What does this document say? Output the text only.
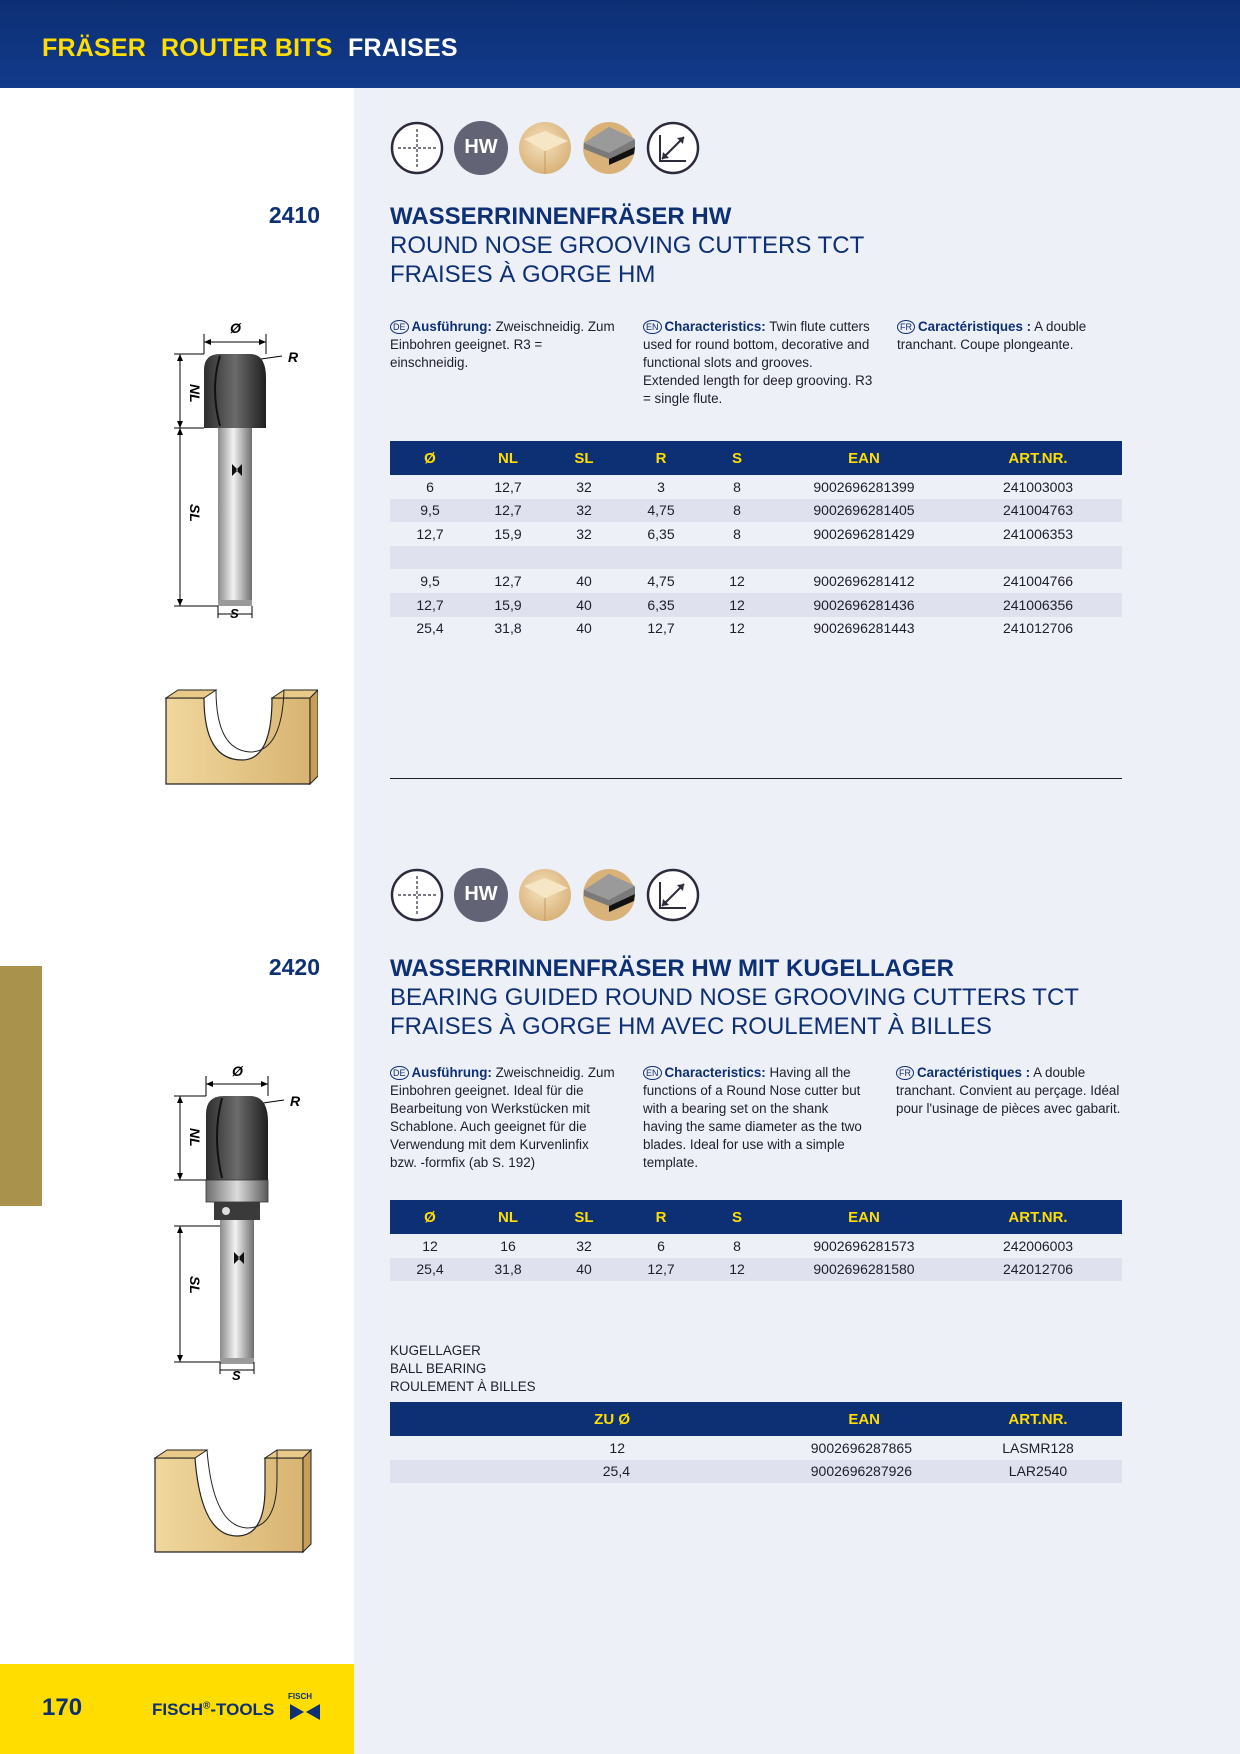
FRÄSER ROUTER BITS FRAISES
HW
2410	WASSERRINNENFRÄSER HW
ROUND NOSE GROOVING CUTTERS TCT
FRAISES À GORGE HM
DE Ausführung: Zweischneidig. Zum Einbohren geeignet. R3 = einschneidig.
EN Characteristics: Twin flute cutters used for round bottom, decorative and functional slots and grooves. Extended length for deep grooving. R3 = single flute.
FR Caractéristiques : A double tranchant. Coupe plongeante.
Ø	NL	SL	R	S	EAN	ART.NR.
6	12,7	32	3	8	9002696281399	241003003
9,5	12,7	32	4,75	8	9002696281405	241004763
12,7	15,9	32	6,35	8	9002696281429	241006353

9,5	12,7	40	4,75	12	9002696281412	241004766
12,7	15,9	40	6,35	12	9002696281436	241006356
25,4	31,8	40	12,7	12	9002696281443	241012706
Ø
R
NL
SL
S
HW
2420	WASSERRINNENFRÄSER HW MIT KUGELLAGER
BEARING GUIDED ROUND NOSE GROOVING CUTTERS TCT
FRAISES À GORGE HM AVEC ROULEMENT À BILLES
DE Ausführung: Zweischneidig. Zum Einbohren geeignet. Ideal für die Bearbeitung von Werkstücken mit Schablone. Auch geeignet für die Verwendung mit dem Kurvenlinfix bzw. -formfix (ab S. 192)
EN Characteristics: Having all the functions of a Round Nose cutter but with a bearing set on the shank having the same diameter as the two blades. Ideal for use with a simple template.
FR Caractéristiques : A double tranchant. Convient au perçage. Idéal pour l'usinage de pièces avec gabarit.
Ø	NL	SL	R	S	EAN	ART.NR.
12	16	32	6	8	9002696281573	242006003
25,4	31,8	40	12,7	12	9002696281580	242012706
KUGELLAGER
BALL BEARING
ROULEMENT À BILLES
ZU Ø	EAN	ART.NR.
12	9002696287865	LASMR128
25,4	9002696287926	LAR2540
Ø
R
NL
SL
S
170	FISCH®-TOOLS
FISCH
